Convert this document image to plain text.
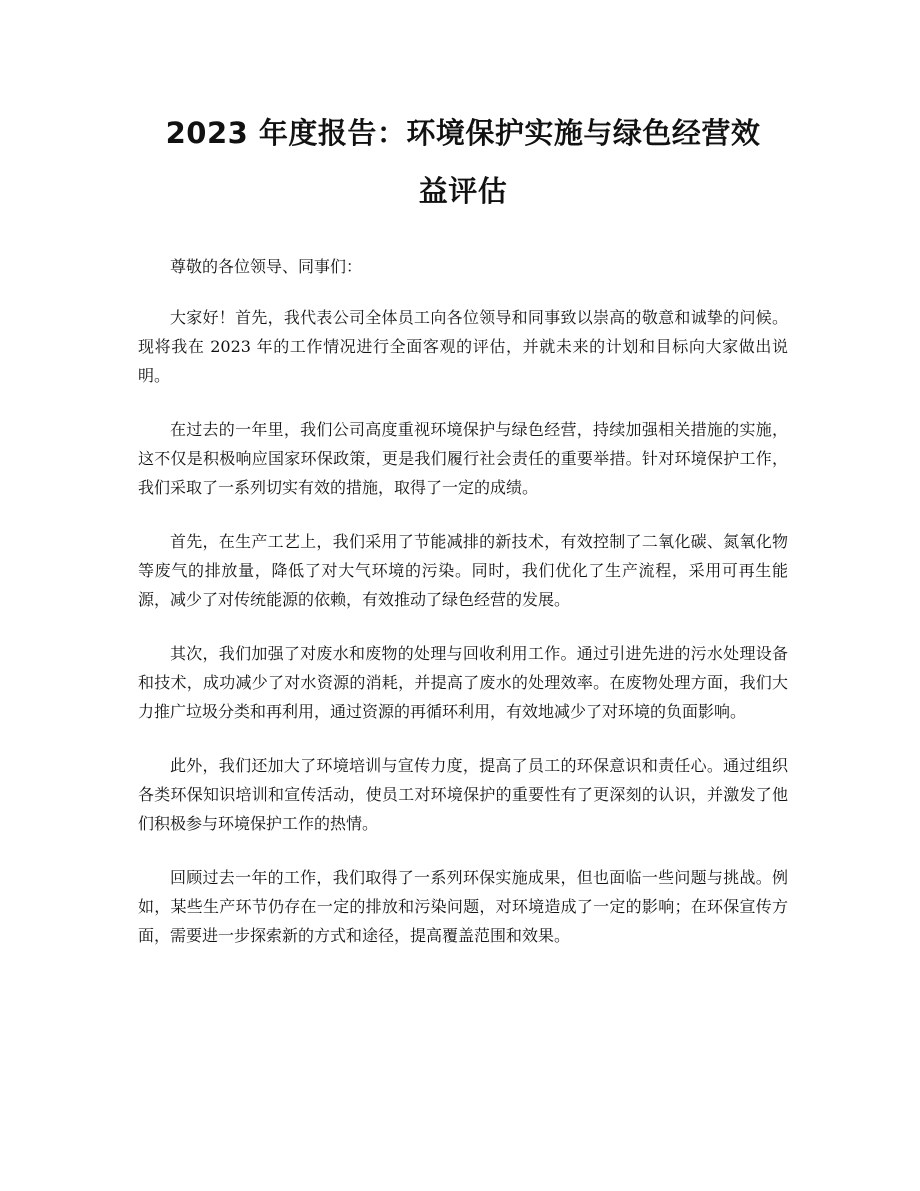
2023 年度报告：环境保护实施与绿色经营效
益评估

尊敬的各位领导、同事们：

大家好！首先，我代表公司全体员工向各位领导和同事致以崇高的敬意和诚挚的问候。现将我在 2023 年的工作情况进行全面客观的评估，并就未来的计划和目标向大家做出说明。

在过去的一年里，我们公司高度重视环境保护与绿色经营，持续加强相关措施的实施，这不仅是积极响应国家环保政策，更是我们履行社会责任的重要举措。针对环境保护工作，我们采取了一系列切实有效的措施，取得了一定的成绩。

首先，在生产工艺上，我们采用了节能减排的新技术，有效控制了二氧化碳、氮氧化物等废气的排放量，降低了对大气环境的污染。同时，我们优化了生产流程，采用可再生能源，减少了对传统能源的依赖，有效推动了绿色经营的发展。

其次，我们加强了对废水和废物的处理与回收利用工作。通过引进先进的污水处理设备和技术，成功减少了对水资源的消耗，并提高了废水的处理效率。在废物处理方面，我们大力推广垃圾分类和再利用，通过资源的再循环利用，有效地减少了对环境的负面影响。

此外，我们还加大了环境培训与宣传力度，提高了员工的环保意识和责任心。通过组织各类环保知识培训和宣传活动，使员工对环境保护的重要性有了更深刻的认识，并激发了他们积极参与环境保护工作的热情。

回顾过去一年的工作，我们取得了一系列环保实施成果，但也面临一些问题与挑战。例如，某些生产环节仍存在一定的排放和污染问题，对环境造成了一定的影响；在环保宣传方面，需要进一步探索新的方式和途径，提高覆盖范围和效果。
